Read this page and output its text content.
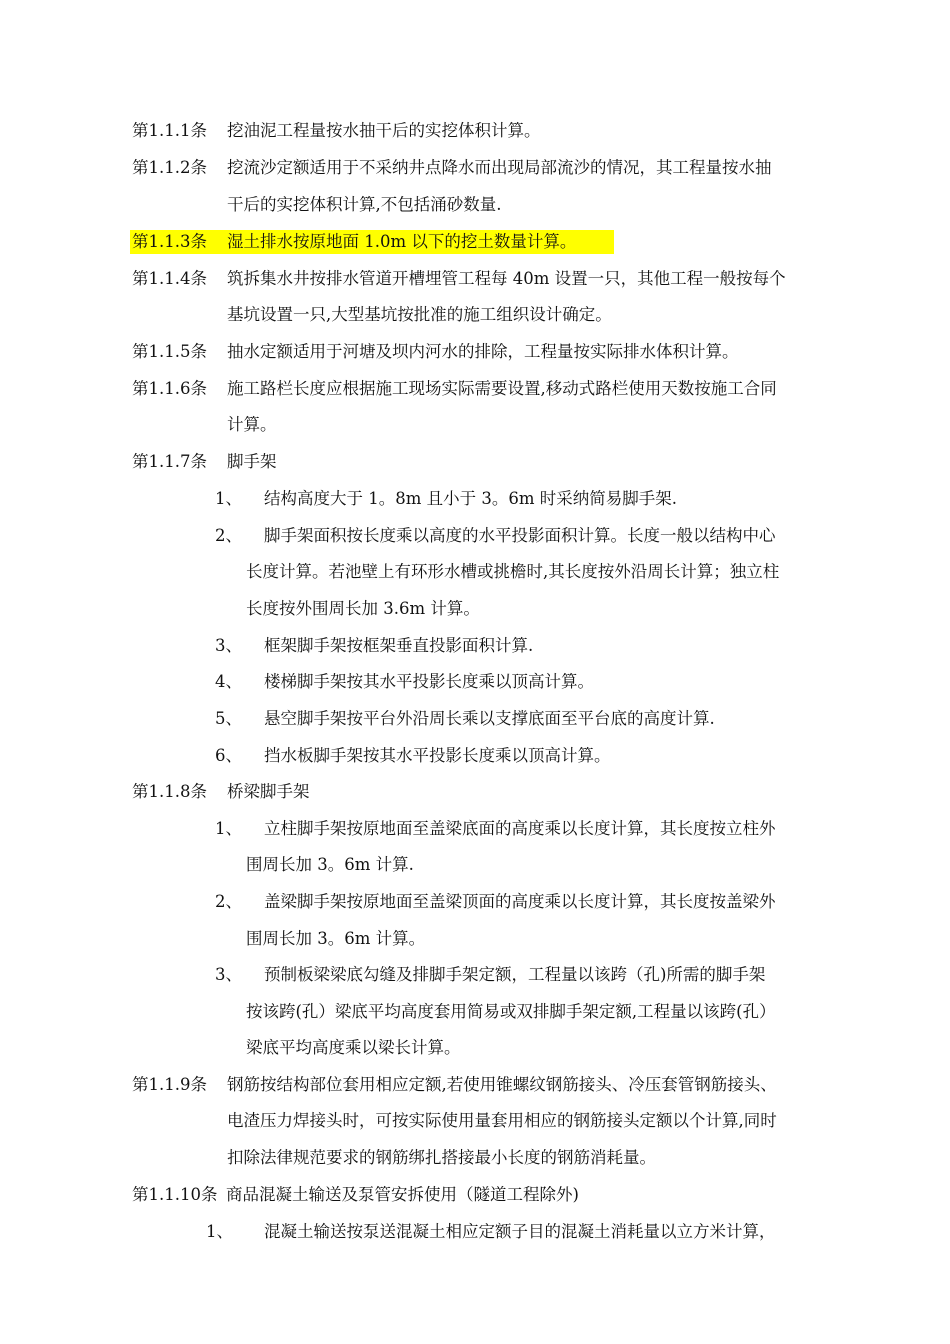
第1.1.1条 挖油泥工程量按水抽干后的实挖体积计算。
第1.1.2条 挖流沙定额适用于不采纳井点降水而出现局部流沙的情况，其工程量按水抽
干后的实挖体积计算,不包括涌砂数量.
第1.1.3条 湿土排水按原地面 1.0m 以下的挖土数量计算。
第1.1.4条 筑拆集水井按排水管道开槽埋管工程每 40m 设置一只，其他工程一般按每个
基坑设置一只,大型基坑按批准的施工组织设计确定。
第1.1.5条 抽水定额适用于河塘及坝内河水的排除，工程量按实际排水体积计算。
第1.1.6条 施工路栏长度应根据施工现场实际需要设置,移动式路栏使用天数按施工合同
计算。
第1.1.7条 脚手架
1、 结构高度大于 1。8m 且小于 3。6m 时采纳简易脚手架.
2、 脚手架面积按长度乘以高度的水平投影面积计算。长度一般以结构中心
长度计算。若池壁上有环形水槽或挑檐时,其长度按外沿周长计算；独立柱
长度按外围周长加 3.6m 计算。
3、 框架脚手架按框架垂直投影面积计算.
4、 楼梯脚手架按其水平投影长度乘以顶高计算。
5、 悬空脚手架按平台外沿周长乘以支撑底面至平台底的高度计算.
6、 挡水板脚手架按其水平投影长度乘以顶高计算。
第1.1.8条 桥梁脚手架
1、 立柱脚手架按原地面至盖梁底面的高度乘以长度计算，其长度按立柱外
围周长加 3。6m 计算.
2、 盖梁脚手架按原地面至盖梁顶面的高度乘以长度计算，其长度按盖梁外
围周长加 3。6m 计算。
3、 预制板梁梁底勾缝及排脚手架定额，工程量以该跨（孔)所需的脚手架
按该跨(孔）梁底平均高度套用简易或双排脚手架定额,工程量以该跨(孔）
梁底平均高度乘以梁长计算。
第1.1.9条 钢筋按结构部位套用相应定额,若使用锥螺纹钢筋接头、冷压套管钢筋接头、
电渣压力焊接头时，可按实际使用量套用相应的钢筋接头定额以个计算,同时
扣除法律规范要求的钢筋绑扎搭接最小长度的钢筋消耗量。
第1.1.10条 商品混凝土输送及泵管安拆使用（隧道工程除外)
1、 混凝土输送按泵送混凝土相应定额子目的混凝土消耗量以立方米计算，
